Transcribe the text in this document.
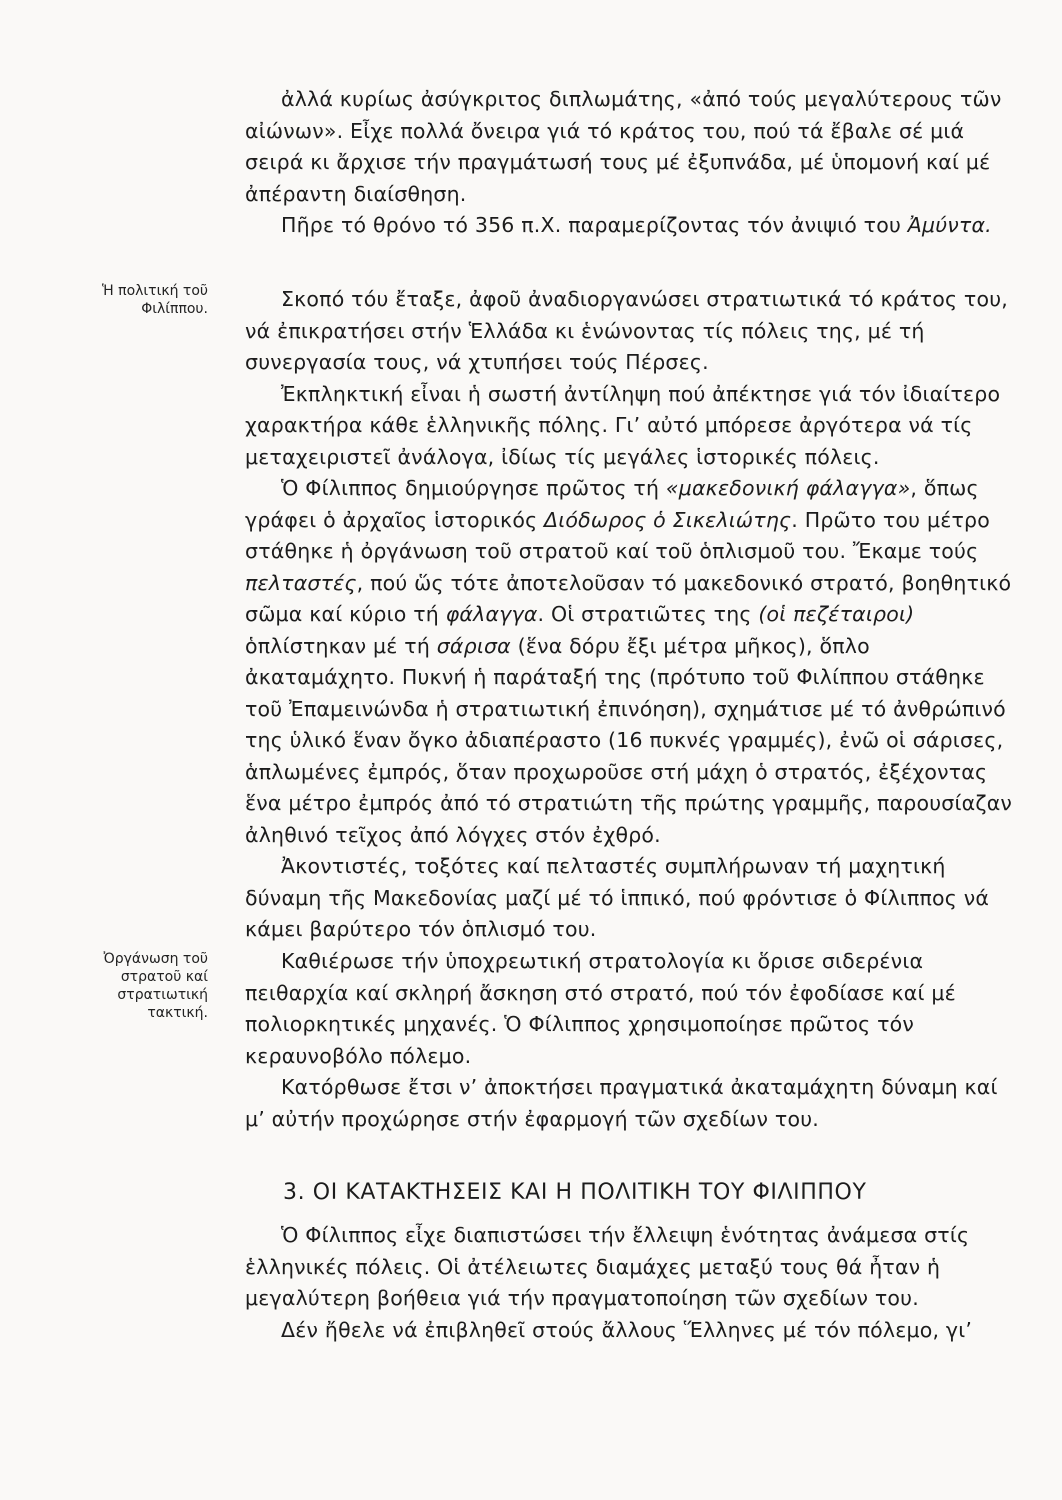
Ἡ πολιτική τοῦ
Φιλίππου.
Ὀργάνωση τοῦ
στρατοῦ καί
στρατιωτική
τακτική.

ἀλλά κυρίως ἀσύγκριτος διπλωμάτης, «ἀπό τούς μεγαλύτερους τῶν αἰώνων». Εἶχε πολλά ὄνειρα γιά τό κράτος του, πού τά ἔβαλε σέ μιά σειρά κι ἄρχισε τήν πραγμάτωσή τους μέ ἐξυπνάδα, μέ ὑπομονή καί μέ ἀπέραντη διαίσθηση.

Πῆρε τό θρόνο τό 356 π.Χ. παραμερίζοντας τόν ἀνιψιό του Ἀμύντα.

Σκοπό τόυ ἔταξε, ἀφοῦ ἀναδιοργανώσει στρατιωτικά τό κράτος του, νά ἐπικρατήσει στήν Ἑλλάδα κι ἑνώνοντας τίς πόλεις της, μέ τή συνεργασία τους, νά χτυπήσει τούς Πέρσες.

Ἐκπληκτική εἶναι ἡ σωστή ἀντίληψη πού ἀπέκτησε γιά τόν ἰδιαίτερο χαρακτήρα κάθε ἑλληνικῆς πόλης. Γι’ αὐτό μπόρεσε ἀργότερα νά τίς μεταχειριστεῖ ἀνάλογα, ἰδίως τίς μεγάλες ἱστορικές πόλεις.

Ὁ Φίλιππος δημιούργησε πρῶτος τή «μακεδονική φάλαγγα», ὅπως γράφει ὁ ἀρχαῖος ἱστορικός Διόδωρος ὁ Σικελιώτης. Πρῶτο του μέτρο στάθηκε ἡ ὀργάνωση τοῦ στρατοῦ καί τοῦ ὁπλισμοῦ του. Ἔκαμε τούς πελταστές, πού ὥς τότε ἀποτελοῦσαν τό μακεδονικό στρατό, βοηθητικό σῶμα καί κύριο τή φάλαγγα. Οἱ στρατιῶτες της (οἱ πεζέταιροι) ὁπλίστηκαν μέ τή σάρισα (ἕνα δόρυ ἔξι μέτρα μῆκος), ὅπλο ἀκαταμάχητο. Πυκνή ἡ παράταξή της (πρότυπο τοῦ Φιλίππου στάθηκε τοῦ Ἐπαμεινώνδα ἡ στρατιωτική ἐπινόηση), σχημάτισε μέ τό ἀνθρώπινό της ὑλικό ἕναν ὄγκο ἀδιαπέραστο (16 πυκνές γραμμές), ἐνῶ οἱ σάρισες, ἁπλωμένες ἐμπρός, ὅταν προχωροῦσε στή μάχη ὁ στρατός, ἐξέχοντας ἕνα μέτρο ἐμπρός ἀπό τό στρατιώτη τῆς πρώτης γραμμῆς, παρουσίαζαν ἀληθινό τεῖχος ἀπό λόγχες στόν ἐχθρό.

Ἀκοντιστές, τοξότες καί πελταστές συμπλήρωναν τή μαχητική δύναμη τῆς Μακεδονίας μαζί μέ τό ἱππικό, πού φρόντισε ὁ Φίλιππος νά κάμει βαρύτερο τόν ὁπλισμό του.

Καθιέρωσε τήν ὑποχρεωτική στρατολογία κι ὅρισε σιδερένια πειθαρχία καί σκληρή ἄσκηση στό στρατό, πού τόν ἐφοδίασε καί μέ πολιορκητικές μηχανές. Ὁ Φίλιππος χρησιμοποίησε πρῶτος τόν κεραυνοβόλο πόλεμο.

Κατόρθωσε ἔτσι ν’ ἀποκτήσει πραγματικά ἀκαταμάχητη δύναμη καί μ’ αὐτήν προχώρησε στήν ἐφαρμογή τῶν σχεδίων του.

3. ΟΙ ΚΑΤΑΚΤΗΣΕΙΣ ΚΑΙ Η ΠΟΛΙΤΙΚΗ ΤΟΥ ΦΙΛΙΠΠΟΥ

Ὁ Φίλιππος εἶχε διαπιστώσει τήν ἔλλειψη ἑνότητας ἀνάμεσα στίς ἑλληνικές πόλεις. Οἱ ἀτέλειωτες διαμάχες μεταξύ τους θά ἦταν ἡ μεγαλύτερη βοήθεια γιά τήν πραγματοποίηση τῶν σχεδίων του.

Δέν ἤθελε νά ἐπιβληθεῖ στούς ἄλλους Ἕλληνες μέ τόν πόλεμο, γι’
